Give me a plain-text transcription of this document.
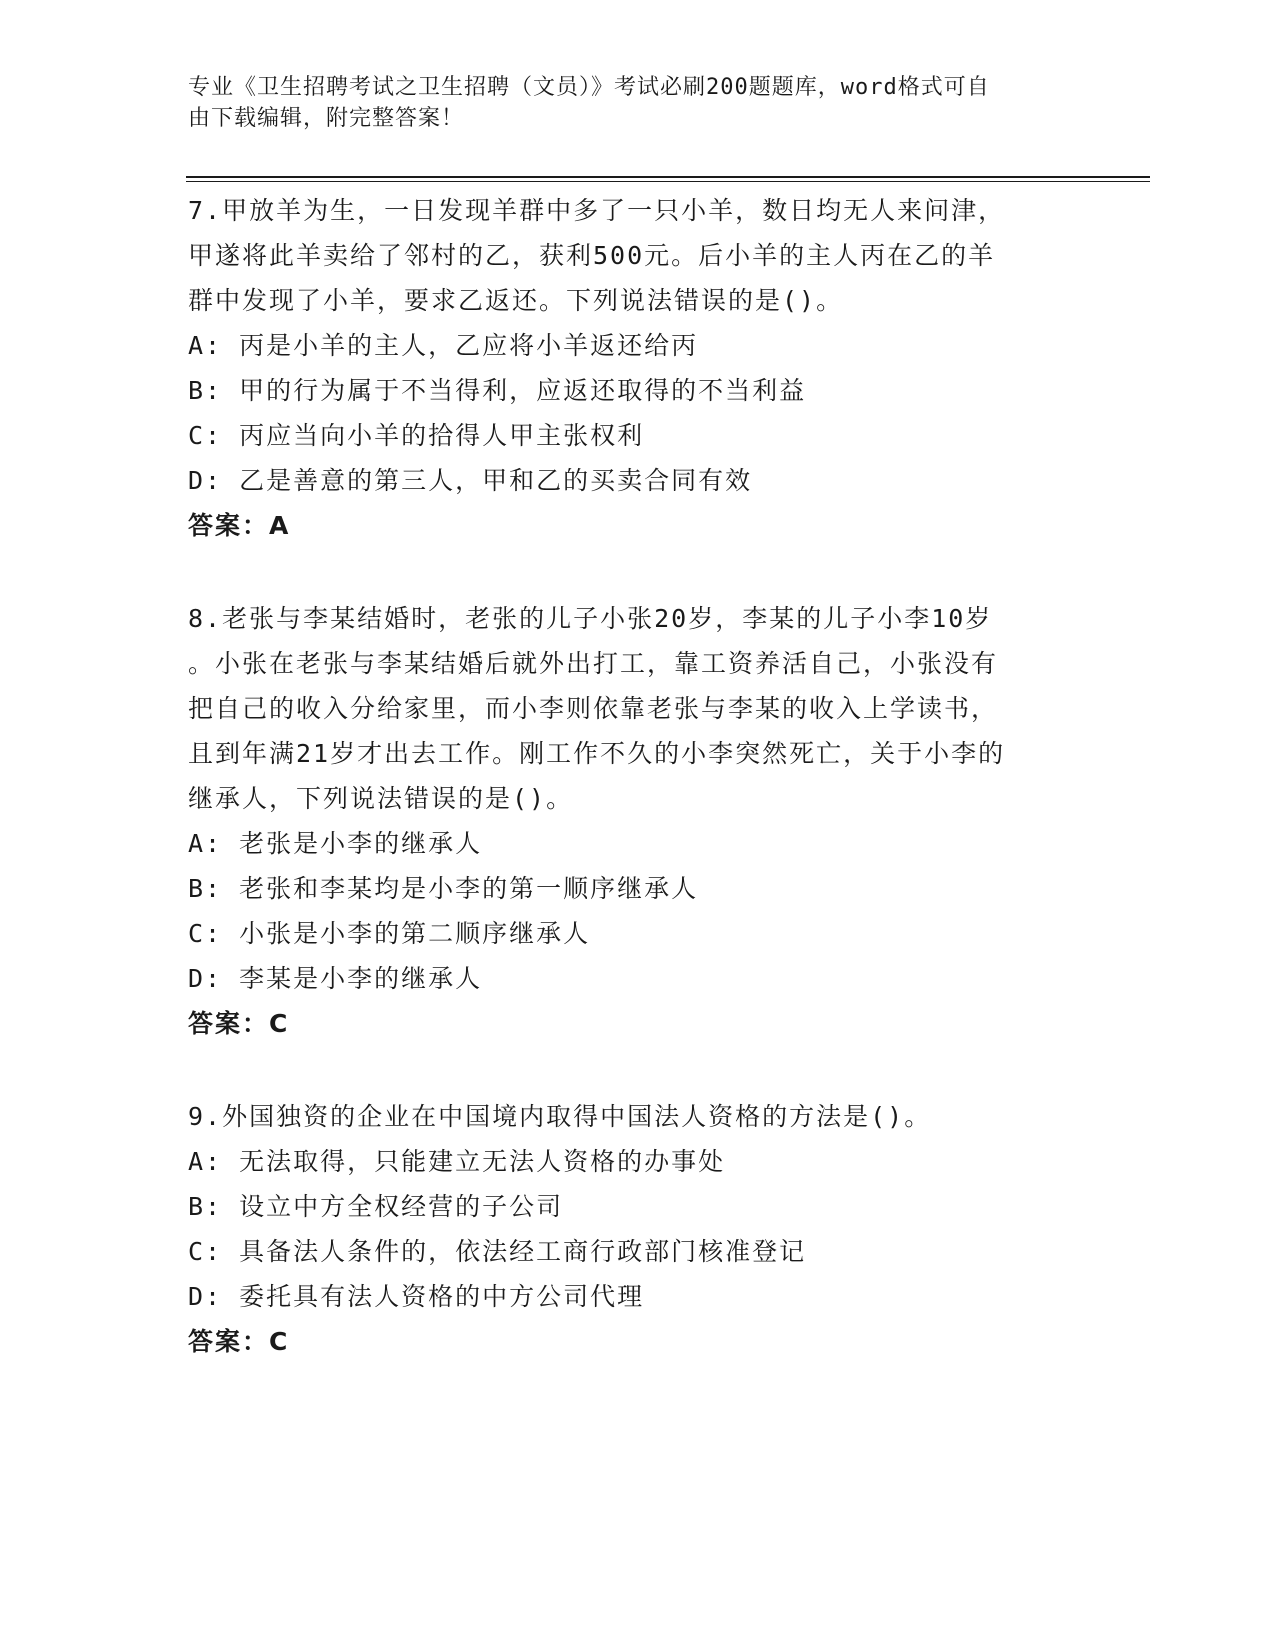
专业《卫生招聘考试之卫生招聘（文员）》考试必刷200题题库，word格式可自
由下载编辑，附完整答案！
7.甲放羊为生，一日发现羊群中多了一只小羊，数日均无人来问津，
甲遂将此羊卖给了邻村的乙，获利500元。后小羊的主人丙在乙的羊
群中发现了小羊，要求乙返还。下列说法错误的是()。
A: 丙是小羊的主人，乙应将小羊返还给丙
B: 甲的行为属于不当得利，应返还取得的不当利益
C: 丙应当向小羊的拾得人甲主张权利
D: 乙是善意的第三人，甲和乙的买卖合同有效
答案：A
8.老张与李某结婚时，老张的儿子小张20岁，李某的儿子小李10岁
。小张在老张与李某结婚后就外出打工，靠工资养活自己，小张没有
把自己的收入分给家里，而小李则依靠老张与李某的收入上学读书，
且到年满21岁才出去工作。刚工作不久的小李突然死亡，关于小李的
继承人，下列说法错误的是()。
A: 老张是小李的继承人
B: 老张和李某均是小李的第一顺序继承人
C: 小张是小李的第二顺序继承人
D: 李某是小李的继承人
答案：C
9.外国独资的企业在中国境内取得中国法人资格的方法是()。
A: 无法取得，只能建立无法人资格的办事处
B: 设立中方全权经营的子公司
C: 具备法人条件的，依法经工商行政部门核准登记
D: 委托具有法人资格的中方公司代理
答案：C
